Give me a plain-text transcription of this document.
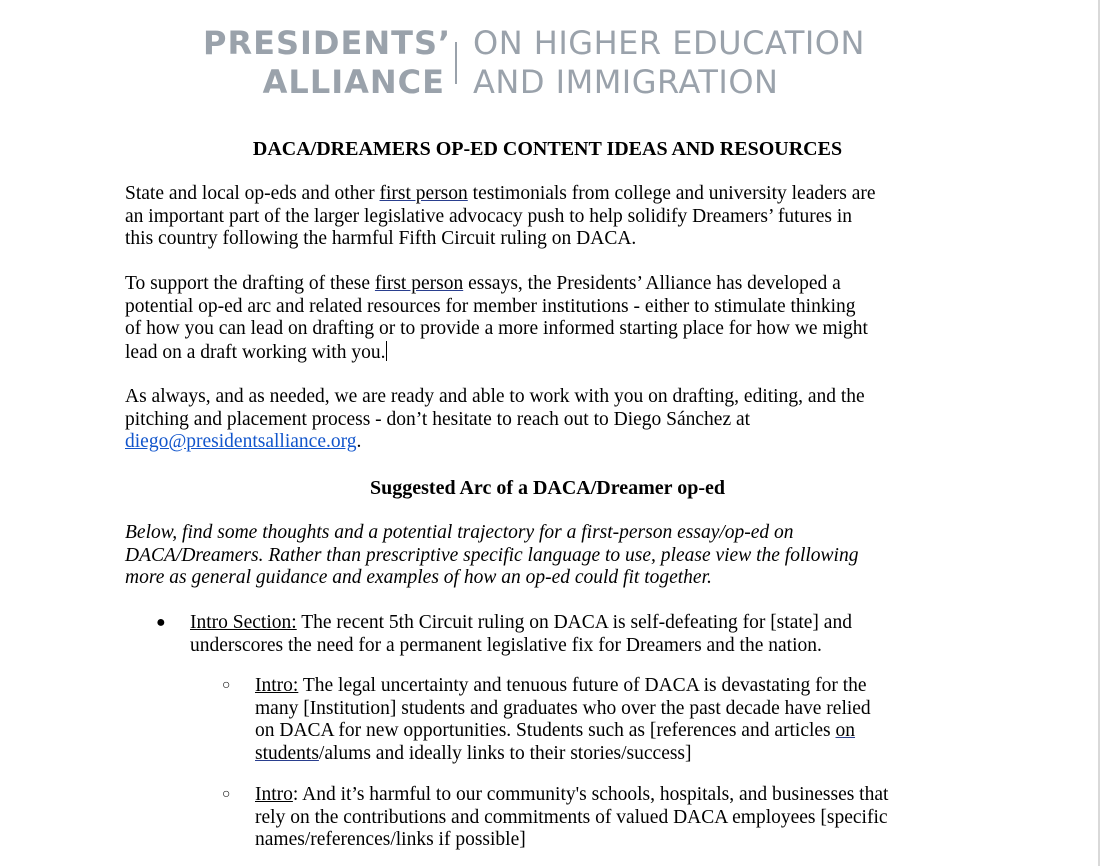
PRESIDENTS’
ALLIANCE
ON HIGHER EDUCATION
AND IMMIGRATION
DACA/DREAMERS OP-ED CONTENT IDEAS AND RESOURCES
State and local op-eds and other first person testimonials from college and university leaders are
an important part of the larger legislative advocacy push to help solidify Dreamers’ futures in
this country following the harmful Fifth Circuit ruling on DACA.
To support the drafting of these first person essays, the Presidents’ Alliance has developed a
potential op-ed arc and related resources for member institutions - either to stimulate thinking
of how you can lead on drafting or to provide a more informed starting place for how we might
lead on a draft working with you.
As always, and as needed, we are ready and able to work with you on drafting, editing, and the
pitching and placement process - don’t hesitate to reach out to Diego Sánchez at
diego@presidentsalliance.org.
Suggested Arc of a DACA/Dreamer op-ed
Below, find some thoughts and a potential trajectory for a first-person essay/op-ed on
DACA/Dreamers. Rather than prescriptive specific language to use, please view the following
more as general guidance and examples of how an op-ed could fit together.
● Intro Section: The recent 5th Circuit ruling on DACA is self-defeating for [state] and
underscores the need for a permanent legislative fix for Dreamers and the nation.
○ Intro: The legal uncertainty and tenuous future of DACA is devastating for the
many [Institution] students and graduates who over the past decade have relied
on DACA for new opportunities. Students such as [references and articles on
students/alums and ideally links to their stories/success]
○ Intro: And it’s harmful to our community's schools, hospitals, and businesses that
rely on the contributions and commitments of valued DACA employees [specific
names/references/links if possible]
